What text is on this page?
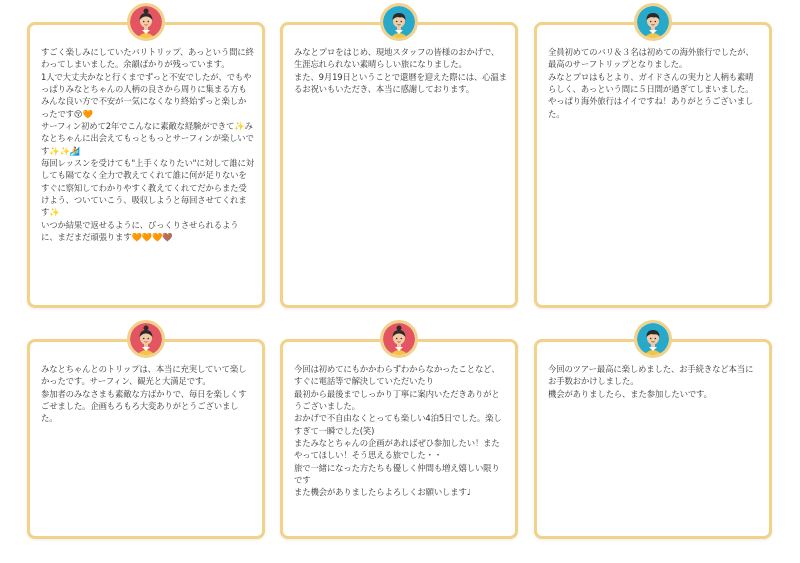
すごく楽しみにしていたバリトリップ、あっという間に終わってしまいました。余韻ばかりが残っています。
1人で大丈夫かなと行くまでずっと不安でしたが、でもやっぱりみなとちゃんの人柄の良さから周りに集まる方もみんな良い方で不安が一気になくなり終始ずっと楽しかったです😚🧡
サーフィン初めて2年でこんなに素敵な経験ができて✨みなとちゃんに出会えてもっともっとサーフィンが楽しいです✨✨🏄
毎回レッスンを受けても"上手くなりたい"に対して誰に対しても隔てなく全力で教えてくれて誰に何が足りないをすぐに察知してわかりやすく教えてくれてだからまた受けよう、ついていこう、吸収しようと毎回させてくれます✨
いつか結果で返せるように、びっくりさせられるように、まだまだ頑張ります🧡🧡🧡🤎
みなとプロをはじめ、現地スタッフの皆様のおかげで、生涯忘れられない素晴らしい旅になりました。
また、9月19日ということで還暦を迎えた際には、心温まるお祝いもいただき、本当に感謝しております。
全員初めてのバリ＆３名は初めての海外旅行でしたが、最高のサーフトリップとなりました。
みなとプロはもとより、ガイドさんの実力と人柄も素晴らしく、あっという間に５日間が過ぎてしまいました。
やっぱり海外旅行はイイですね！ありがとうございました。
みなとちゃんとのトリップは、本当に充実していて楽しかったです。サーフィン、観光と大満足です。
参加者のみなさまも素敵な方ばかりで、毎日を楽しくすごせました。企画もろもろ大変ありがとうございました。
今回は初めてにもかかわらずわからなかったことなど、すぐに電話等で解決していただいたり
最初から最後までしっかり丁寧に案内いただきありがとうございました。
おかげで不自由なくとっても楽しい4泊5日でした。楽しすぎて一瞬でした(笑)
またみなとちゃんの企画があればぜひ参加したい！またやってほしい！そう思える旅でした・・
旅で一緒になった方たちも優しく仲間も増え嬉しい限りです
また機会がありましたらよろしくお願いします♩
今回のツアー最高に楽しめました、お手続きなど本当にお手数おかけしました。
機会がありましたら、また参加したいです。
